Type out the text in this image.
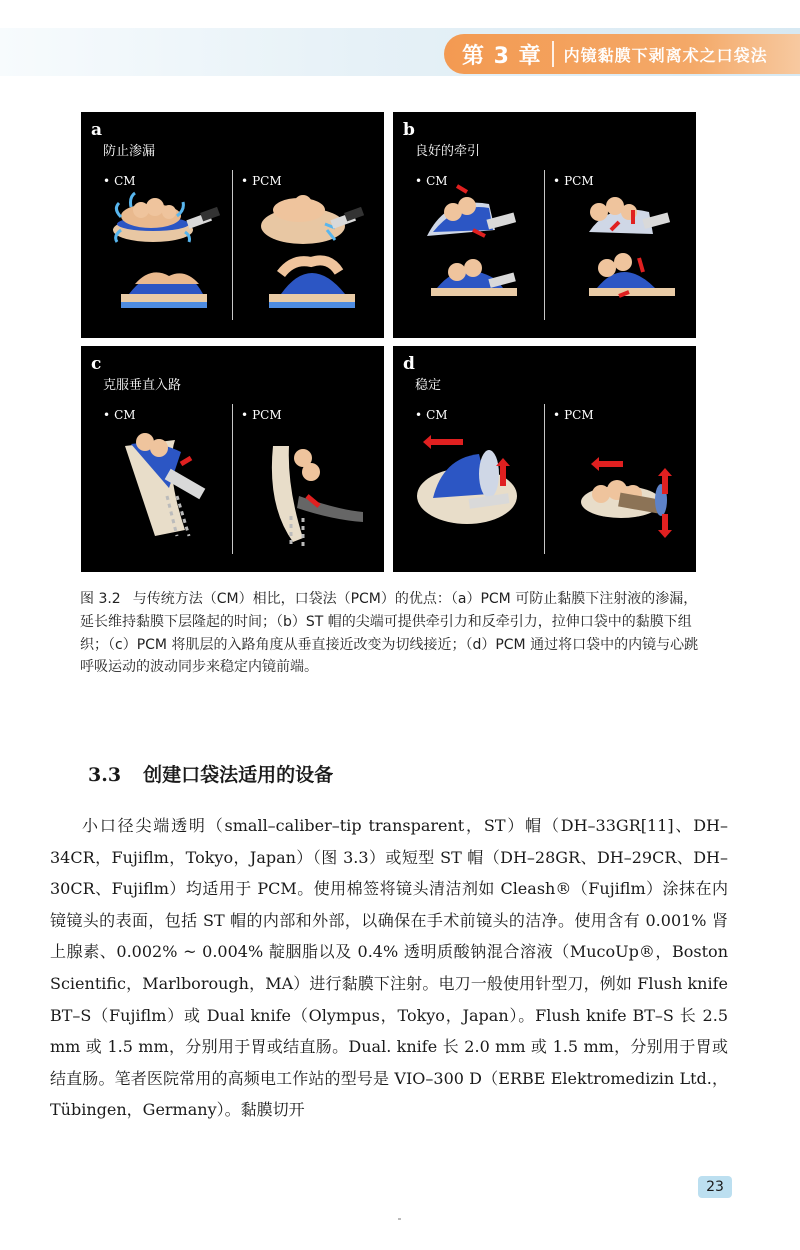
第 3 章 内镜黏膜下剥离术之口袋法
a
防止渗漏
• CM	• PCM
b
良好的牵引
• CM	• PCM
c
克服垂直入路
• CM	• PCM
d
稳定
• CM	• PCM
图 3.2 与传统方法（CM）相比，口袋法（PCM）的优点：（a）PCM 可防止黏膜下注射液的渗漏，延长维持黏膜下层隆起的时间；（b）ST 帽的尖端可提供牵引力和反牵引力，拉伸口袋中的黏膜下组织；（c）PCM 将肌层的入路角度从垂直接近改变为切线接近；（d）PCM 通过将口袋中的内镜与心跳呼吸运动的波动同步来稳定内镜前端。
3.3 创建口袋法适用的设备

小口径尖端透明（small–caliber–tip transparent，ST）帽（DH–33GR[11]、DH–34CR，Fujiflm，Tokyo，Japan）（图 3.3）或短型 ST 帽（DH–28GR、DH–29CR、DH–30CR、Fujiflm）均适用于 PCM。使用棉签将镜头清洁剂如 Cleash®（Fujiflm）涂抹在内镜镜头的表面，包括 ST 帽的内部和外部，以确保在手术前镜头的洁净。使用含有 0.001% 肾上腺素、0.002% ~ 0.004% 靛胭脂以及 0.4% 透明质酸钠混合溶液（MucoUp®，Boston Scientific，Marlborough，MA）进行黏膜下注射。电刀一般使用针型刀，例如 Flush knife BT–S（Fujiflm）或 Dual knife（Olympus，Tokyo，Japan）。Flush knife BT–S 长 2.5 mm 或 1.5 mm，分别用于胃或结直肠。Dual. knife 长 2.0 mm 或 1.5 mm，分别用于胃或结直肠。笔者医院常用的高频电工作站的型号是 VIO–300 D（ERBE Elektromedizin Ltd.，Tübingen，Germany）。黏膜切开

23
